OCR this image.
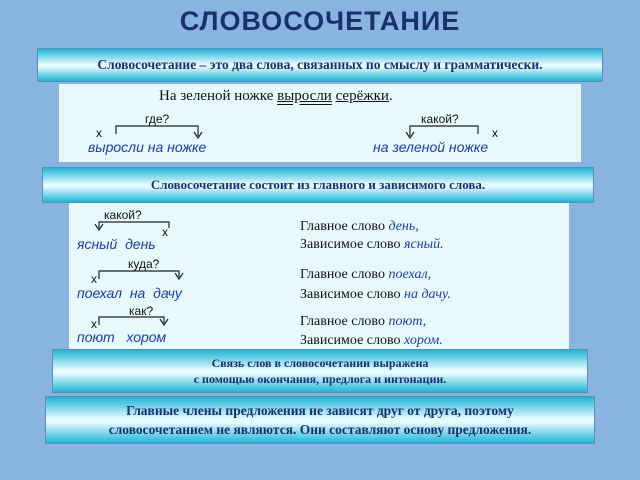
СЛОВОСОЧЕТАНИЕ
Словосочетание – это два слова, связанных по смыслу и грамматически.
На зеленой ножке выросли серёжки.
где?
х
выросли на ножке
какой?
х
на зеленой ножке
Словосочетание состоит из главного и зависимого слова.
какой?
х
ясный день
Главное слово день,
Зависимое слово ясный.
куда?
х
поехал на дачу
Главное слово поехал,
Зависимое слово на дачу.
как?
х
поют хором
Главное слово поют,
Зависимое слово хором.
Связь слов в словосочетании выражена
с помощью окончания, предлога и интонации.
Главные члены предложения не зависят друг от друга, поэтому
словосочетанием не являются. Они составляют основу предложения.
